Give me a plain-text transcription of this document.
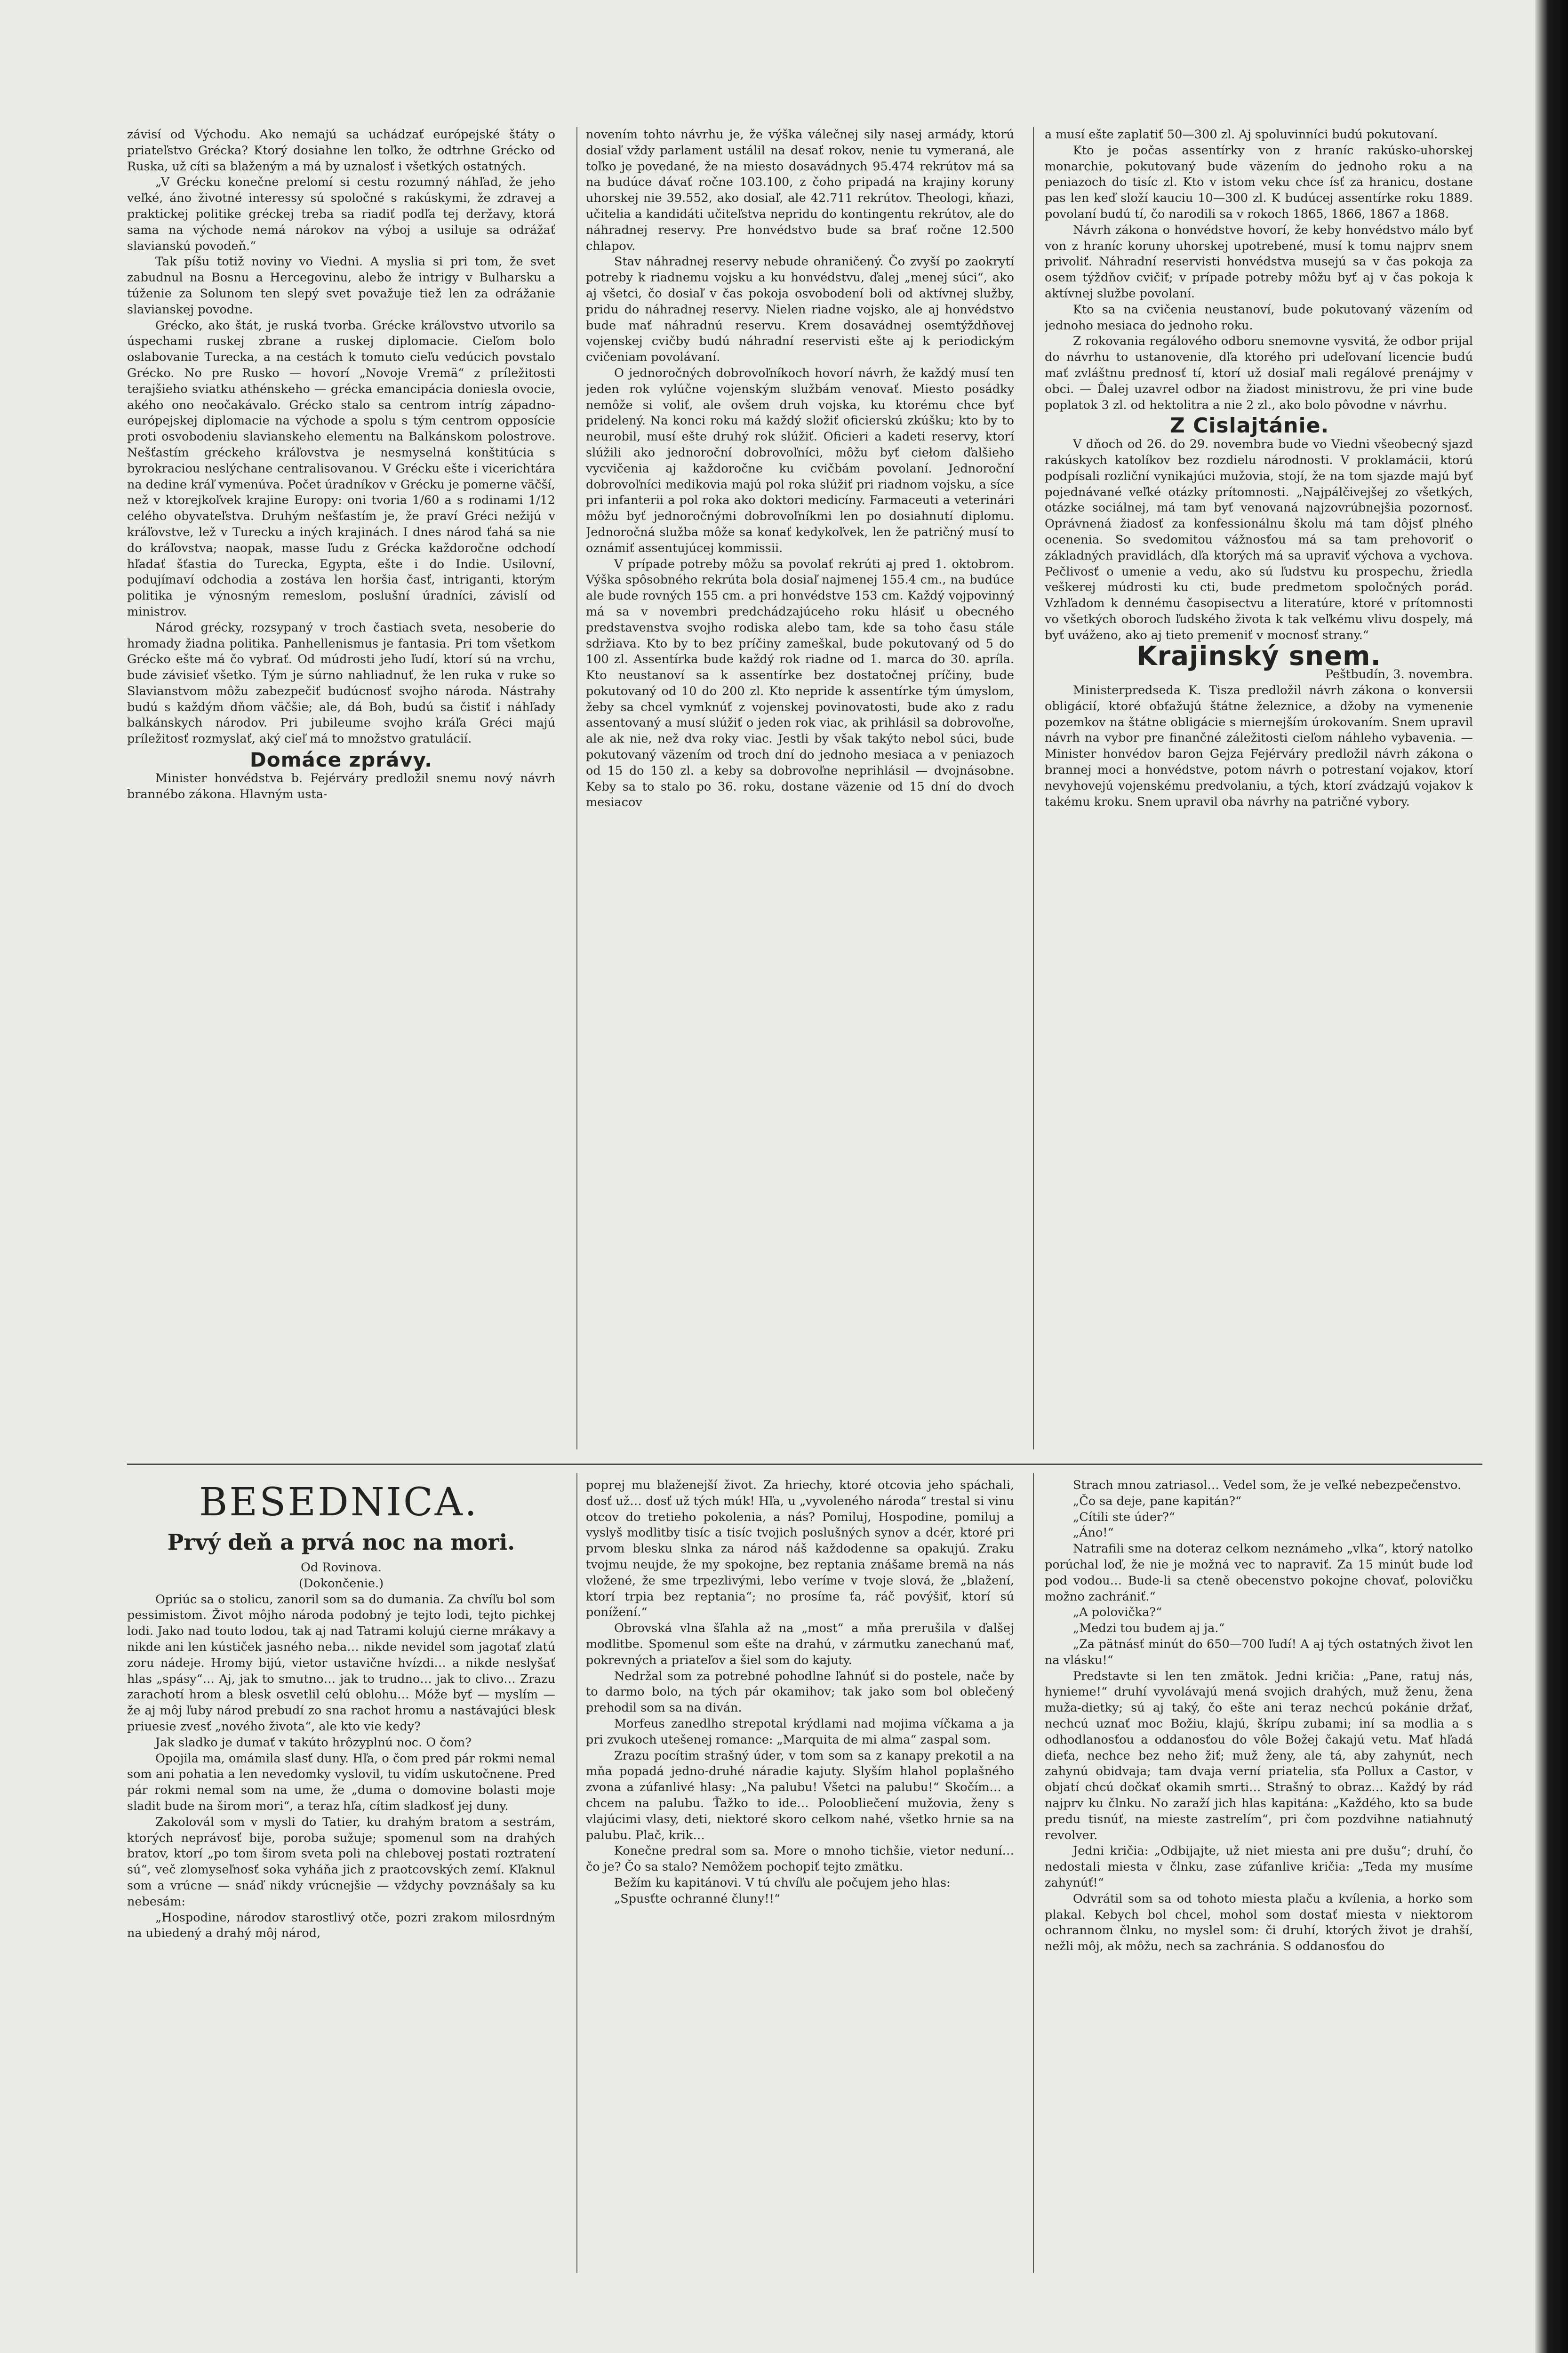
závisí od Východu. Ako nemajú sa uchádzať európejské štáty o priateľstvo Grécka? Ktorý dosiahne len toľko, že odtrhne Grécko od Ruska, už cíti sa blaženým a má by uznalosť i všetkých ostatných.

„V Grécku konečne prelomí si cestu rozumný náhľad, že jeho veľké, áno životné interessy sú spoločné s rakúskymi, že zdravej a praktickej politike gréckej treba sa riadiť podľa tej deržavy, ktorá sama na východe nemá nárokov na výboj a usiluje sa odrážať slavianskú povodeň.“

Tak píšu totiž noviny vo Viedni. A myslia si pri tom, že svet zabudnul na Bosnu a Hercegovinu, alebo že intrigy v Bulharsku a túženie za Solunom ten slepý svet považuje tiež len za odrážanie slavianskej povodne.

Grécko, ako štát, je ruská tvorba. Grécke kráľovstvo utvorilo sa úspechami ruskej zbrane a ruskej diplomacie. Cieľom bolo oslabovanie Turecka, a na cestách k tomuto cieľu vedúcich povstalo Grécko. No pre Rusko — hovorí „Novoje Vremä“ z príležitosti terajšieho sviatku athénskeho — grécka emancipácia doniesla ovocie, akého ono neočakávalo. Grécko stalo sa centrom intríg západno-európejskej diplomacie na východe a spolu s tým centrom opposície proti osvobodeniu slavianskeho elementu na Balkánskom polostrove. Nešťastím gréckeho kráľovstva je nesmyselná konštitúcia s byrokraciou neslýchane centralisovanou. V Grécku ešte i vicerichtára na dedine kráľ vymenúva. Počet úradníkov v Grécku je pomerne väčší, než v ktorejkoľvek krajine Europy: oni tvoria 1/60 a s rodinami 1/12 celého obyvateľstva. Druhým nešťastím je, že praví Gréci nežijú v kráľovstve, lež v Turecku a iných krajinách. I dnes národ ťahá sa nie do kráľovstva; naopak, masse ľudu z Grécka každoročne odchodí hľadať šťastia do Turecka, Egypta, ešte i do Indie. Usilovní, podujímaví odchodia a zostáva len horšia časť, intriganti, ktorým politika je výnosným remeslom, poslušní úradníci, závislí od ministrov.

Národ grécky, rozsypaný v troch častiach sveta, nesoberie do hromady žiadna politika. Panhellenismus je fantasia. Pri tom všetkom Grécko ešte má čo vybrať. Od múdrosti jeho ľudí, ktorí sú na vrchu, bude závisieť všetko. Tým je súrno nahliadnuť, že len ruka v ruke so Slavianstvom môžu zabezpečiť budúcnosť svojho národa. Nástrahy budú s každým dňom väčšie; ale, dá Boh, budú sa čistiť i náhľady balkánskych národov. Pri jubileume svojho kráľa Gréci majú príležitosť rozmyslať, aký cieľ má to množstvo gratulácií.

Domáce zprávy.

Minister honvédstva b. Fejérváry predložil snemu nový návrh brannébo zákona. Hlavným usta-

novením tohto návrhu je, že výška válečnej sily nasej armády, ktorú dosiaľ vždy parlament ustálil na desať rokov, nenie tu vymeraná, ale toľko je povedané, že na miesto dosavádnych 95.474 rekrútov má sa na budúce dávať ročne 103.100, z čoho pripadá na krajiny koruny uhorskej nie 39.552, ako dosiaľ, ale 42.711 rekrútov. Theologi, kňazi, učitelia a kandidáti učiteľstva nepridu do kontingentu rekrútov, ale do náhradnej reservy. Pre honvédstvo bude sa brať ročne 12.500 chlapov.

Stav náhradnej reservy nebude ohraničený. Čo zvyší po zaokrytí potreby k riadnemu vojsku a ku honvédstvu, ďalej „menej súci“, ako aj všetci, čo dosiaľ v čas pokoja osvobodení boli od aktívnej služby, pridu do náhradnej reservy. Nielen riadne vojsko, ale aj honvédstvo bude mať náhradnú reservu. Krem dosavádnej osemtýždňovej vojenskej cvičby budú náhradní reservisti ešte aj k periodickým cvičeniam povolávaní.

O jednoročných dobrovoľníkoch hovorí návrh, že každý musí ten jeden rok vylúčne vojenským službám venovať. Miesto posádky nemôže si voliť, ale ovšem druh vojska, ku ktorému chce byť pridelený. Na konci roku má každý složiť oficierskú zkúšku; kto by to neurobil, musí ešte druhý rok slúžiť. Oficieri a kadeti reservy, ktorí slúžili ako jednoroční dobrovoľníci, môžu byť ciełom ďalšieho vycvičenia aj každoročne ku cvičbám povolaní. Jednoroční dobrovoľníci medikovia majú pol roka slúžiť pri riadnom vojsku, a síce pri infanterii a pol roka ako doktori medicíny. Farmaceuti a veterinári môžu byť jednoročnými dobrovoľníkmi len po dosiahnutí diplomu. Jednoročná služba môže sa konať kedykoľvek, len že patričný musí to oznámiť assentujúcej kommissii.

V prípade potreby môžu sa povolať rekrúti aj pred 1. oktobrom. Výška spôsobného rekrúta bola dosiaľ najmenej 155.4 cm., na budúce ale bude rovných 155 cm. a pri honvédstve 153 cm. Každý vojpovinný má sa v novembri predchádzajúceho roku hlásiť u obecného predstavenstva svojho rodiska alebo tam, kde sa toho času stále sdržiava. Kto by to bez príčiny zameškal, bude pokutovaný od 5 do 100 zl. Assentírka bude každý rok riadne od 1. marca do 30. apríla. Kto neustanoví sa k assentírke bez dostatočnej príčiny, bude pokutovaný od 10 do 200 zl. Kto nepride k assentírke tým úmyslom, žeby sa chcel vymknúť z vojenskej povinovatosti, bude ako z radu assentovaný a musí slúžiť o jeden rok viac, ak prihlásil sa dobrovoľne, ale ak nie, než dva roky viac. Jestli by však takýto nebol súci, bude pokutovaný väzením od troch dní do jednoho mesiaca a v peniazoch od 15 do 150 zl. a keby sa dobrovoľne neprihlásil — dvojnásobne. Keby sa to stalo po 36. roku, dostane väzenie od 15 dní do dvoch mesiacov

a musí ešte zaplatiť 50—300 zl. Aj spoluvinníci budú pokutovaní.

Kto je počas assentírky von z hraníc rakúsko-uhorskej monarchie, pokutovaný bude väzením do jednoho roku a na peniazoch do tisíc zl. Kto v istom veku chce ísť za hranicu, dostane pas len keď složí kauciu 10—300 zl. K budúcej assentírke roku 1889. povolaní budú tí, čo narodili sa v rokoch 1865, 1866, 1867 a 1868.

Návrh zákona o honvédstve hovorí, že keby honvédstvo málo byť von z hraníc koruny uhorskej upotrebené, musí k tomu najprv snem privoliť. Náhradní reservisti honvédstva musejú sa v čas pokoja za osem týždňov cvičiť; v prípade potreby môžu byť aj v čas pokoja k aktívnej službe povolaní.

Kto sa na cvičenia neustanoví, bude pokutovaný väzením od jednoho mesiaca do jednoho roku.

Z rokovania regálového odboru snemovne vysvitá, že odbor prijal do návrhu to ustanovenie, dľa ktorého pri udeľovaní licencie budú mať zvláštnu prednosť tí, ktorí už dosiaľ mali regálové prenájmy v obci. — Ďalej uzavrel odbor na žiadost ministrovu, že pri vine bude poplatok 3 zl. od hektolitra a nie 2 zl., ako bolo pôvodne v návrhu.

Z Cislajtánie.

V dňoch od 26. do 29. novembra bude vo Viedni všeobecný sjazd rakúskych katolíkov bez rozdielu národnosti. V proklamácii, ktorú podpísali rozliční vynikajúci mužovia, stojí, že na tom sjazde majú byť pojednávané veľké otázky prítomnosti. „Najpálčivejšej zo všetkých, otázke sociálnej, má tam byť venovaná najzovrúbnejšia pozornosť. Oprávnená žiadosť za konfessionálnu školu má tam dôjsť plného ocenenia. So svedomitou vážnosťou má sa tam prehovoriť o základných pravidlách, dľa ktorých má sa upraviť výchova a vychova. Pečlivosť o umenie a vedu, ako sú ľudstvu ku prospechu, žriedla veškerej múdrosti ku cti, bude predmetom spoločných porád. Vzhľadom k dennému časopisectvu a literatúre, ktoré v prítomnosti vo všetkých oboroch ľudského života k tak veľkému vlivu dospely, má byť uváženo, ako aj tieto premeniť v mocnosť strany.“

Krajinský snem.

Peštbudín, 3. novembra.

Ministerpredseda K. Tisza predložil návrh zákona o konversii obligácií, ktoré obťažujú štátne železnice, a džoby na vymenenie pozemkov na štátne obligácie s miernejším úrokovaním. Snem upravil návrh na vybor pre finančné záležitosti cieľom náhleho vybavenia. — Minister honvédov baron Gejza Fejérváry predložil návrh zákona o brannej moci a honvédstve, potom návrh o potrestaní vojakov, ktorí nevyhovejú vojenskému predvolaniu, a tých, ktorí zvádzajú vojakov k takému kroku. Snem upravil oba návrhy na patričné vybory.

BESEDNICA.
Prvý deň a prvá noc na mori.

Od Rovinova.

(Dokončenie.)

Opriúc sa o stolicu, zanoril som sa do dumania. Za chvíľu bol som pessimistom. Život môjho národa podobný je tejto lodi, tejto pichkej lodi. Jako nad touto lodou, tak aj nad Tatrami kolujú cierne mrákavy a nikde ani len kústiček jasného neba… nikde nevidel som jagotať zlatú zoru nádeje. Hromy bijú, vietor ustavične hvízdi… a nikde neslyšať hlas „spásy“… Aj, jak to smutno… jak to trudno… jak to clivo… Zrazu zarachotí hrom a blesk osvetlil celú oblohu… Móže byť — myslím — že aj môj ľuby národ prebudí zo sna rachot hromu a nastávajúci blesk priuesie zvesť „nového života“, ale kto vie kedy?

Jak sladko je dumať v takúto hrôzyplnú noc. O čom?

Opojila ma, omámila slasť duny. Hľa, o čom pred pár rokmi nemal som ani pohatia a len nevedomky vyslovil, tu vidím uskutočnene. Pred pár rokmi nemal som na ume, že „duma o domovine bolasti moje sladit bude na širom mori“, a teraz hľa, cítim sladkosť jej duny.

Zakolovál som v mysli do Tatier, ku drahým bratom a sestrám, ktorých neprávosť bije, poroba sužuje; spomenul som na drahých bratov, ktorí „po tom širom sveta poli na chlebovej postati roztratení sú“, več zlomyseľnosť soka vyháňa jich z praotcovských zemí. Kľaknul som a vrúcne — snáď nikdy vrúcnejšie — vždychy povznášaly sa ku nebesám:

„Hospodine, národov starostlivý otče, pozri zrakom milosrdným na ubiedený a drahý môj národ,

poprej mu blaženejší život. Za hriechy, ktoré otcovia jeho spáchali, dosť už… dosť už tých múk! Hľa, u „vyvoleného národa“ trestal si vinu otcov do tretieho pokolenia, a nás? Pomiluj, Hospodine, pomiluj a vyslyš modlitby tisíc a tisíc tvojich poslušných synov a dcér, ktoré pri prvom blesku slnka za národ náš každodenne sa opakujú. Zraku tvojmu neujde, že my spokojne, bez reptania znášame bremä na nás vložené, že sme trpezlivými, lebo veríme v tvoje slová, že „blažení, ktorí trpia bez reptania“; no prosíme ťa, ráč povýšiť, ktorí sú ponížení.“

Obrovská vlna šľahla až na „most“ a mňa prerušila v ďalšej modlitbe. Spomenul som ešte na drahú, v zármutku zanechanú mať, pokrevných a priateľov a šiel som do kajuty.

Nedržal som za potrebné pohodlne ľahnúť si do postele, nače by to darmo bolo, na tých pár okamihov; tak jako som bol oblečený prehodil som sa na diván.

Morfeus zanedlho strepotal krýdlami nad mojima víčkama a ja pri zvukoch utešenej romance: „Marquita de mi alma“ zaspal som.

Zrazu pocítim strašný úder, v tom som sa z kanapy prekotil a na mňa popadá jedno-druhé náradie kajuty. Slyším hlahol poplašného zvona a zúfanlivé hlasy: „Na palubu! Všetci na palubu!“ Skočím… a chcem na palubu. Ťažko to ide… Poloobliečení mužovia, ženy s vlajúcimi vlasy, deti, niektoré skoro celkom nahé, všetko hrnie sa na palubu. Plač, krik…

Konečne predral som sa. More o mnoho tichšie, vietor neduní… čo je? Čo sa stalo? Nemôžem pochopiť tejto zmätku.

Bežím ku kapitánovi. V tú chvíľu ale počujem jeho hlas:

„Spusťte ochranné čluny!!“

Strach mnou zatriasol… Vedel som, že je veľké nebezpečenstvo.

„Čo sa deje, pane kapitán?“

„Cítili ste úder?“

„Áno!“

Natrafili sme na doteraz celkom neznámeho „vlka“, ktorý natolko porúchal loď, že nie je možná vec to napraviť. Za 15 minút bude loď pod vodou… Bude-li sa cteně obecenstvo pokojne chovať, polovičku možno zachrániť.“

„A polovička?“

„Medzi tou budem aj ja.“

„Za pätnásť minút do 650—700 ľudí! A aj tých ostatných život len na vlásku!“

Predstavte si len ten zmätok. Jedni kričia: „Pane, ratuj nás, hynieme!“ druhí vyvolávajú mená svojich drahých, muž ženu, žena muža-dietky; sú aj taký, čo ešte ani teraz nechcú pokánie držať, nechcú uznať moc Božiu, klajú, škrípu zubami; iní sa modlia a s odhodlanosťou a oddanosťou do vôle Božej čakajú vetu. Mať hľadá dieťa, nechce bez neho žiť; muž ženy, ale tá, aby zahynút, nech zahynú obidvaja; tam dvaja verní priatelia, sťa Pollux a Castor, v objatí chcú dočkať okamih smrti… Strašný to obraz… Každý by rád najprv ku člnku. No zaraží jich hlas kapitána: „Každého, kto sa bude predu tisnúť, na mieste zastrelím“, pri čom pozdvihne natiahnutý revolver.

Jedni kričia: „Odbijajte, už niet miesta ani pre dušu“; druhí, čo nedostali miesta v člnku, zase zúfanlive kričia: „Teda my musíme zahynúť!“

Odvrátil som sa od tohoto miesta plaču a kvílenia, a horko som plakal. Kebych bol chcel, mohol som dostať miesta v niektorom ochrannom člnku, no myslel som: či druhí, ktorých život je drahší, nežli môj, ak môžu, nech sa zachránia. S oddanosťou do
